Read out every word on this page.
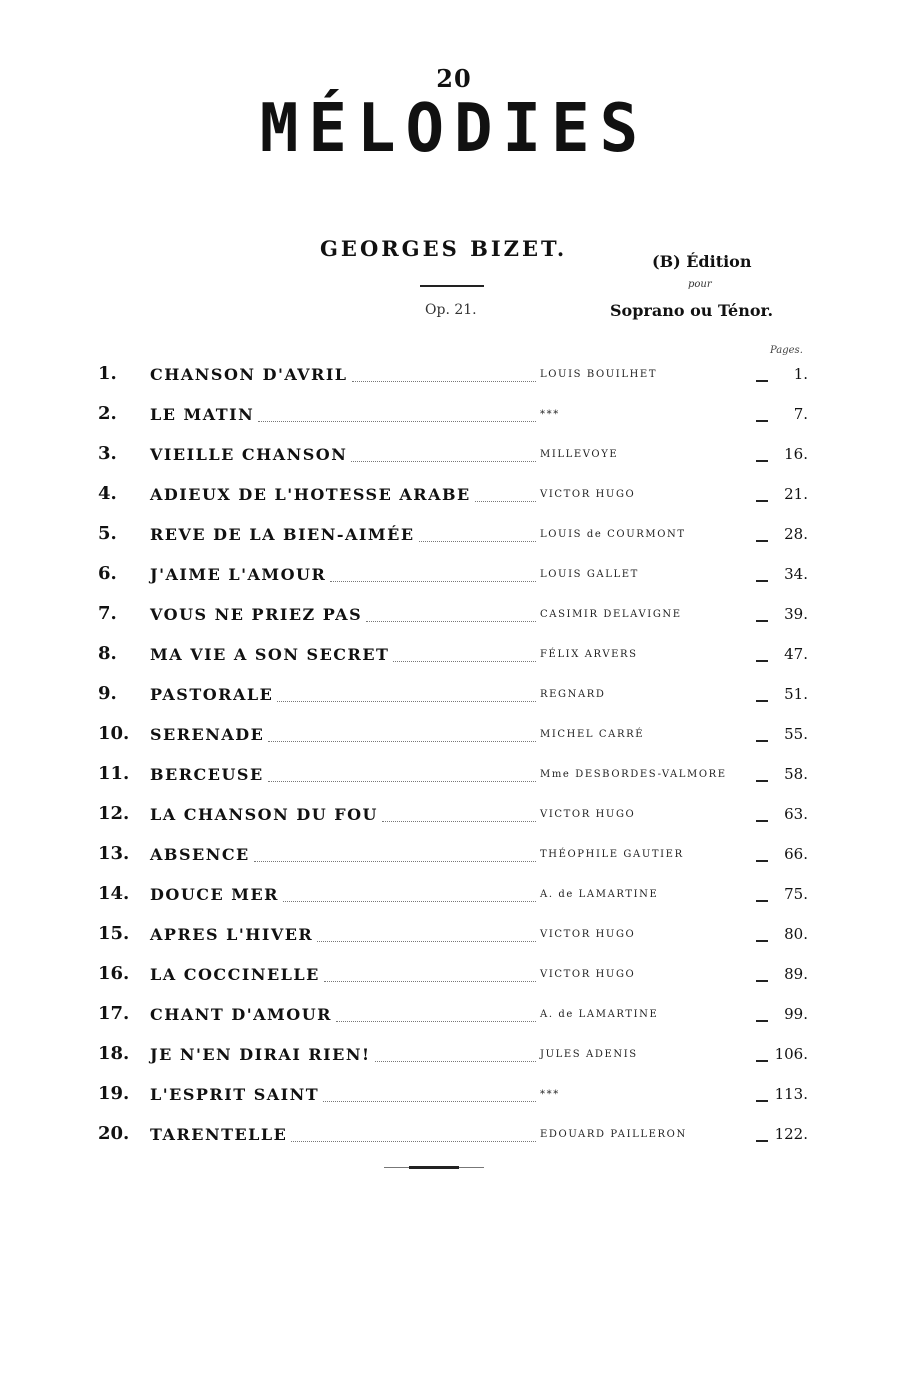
20
MÉLODIES
GEORGES BIZET.
Op. 21.
(B) Édition
pour
Soprano ou Ténor.
Pages.
1. CHANSON D'AVRIL	LOUIS BOUILHET	1.
2. LE MATIN	***	7.
3. VIEILLE CHANSON	MILLEVOYE	16.
4. ADIEUX DE L'HOTESSE ARABE	VICTOR HUGO	21.
5. REVE DE LA BIEN-AIMÉE	LOUIS de COURMONT	28.
6. J'AIME L'AMOUR	LOUIS GALLET	34.
7. VOUS NE PRIEZ PAS	CASIMIR DELAVIGNE	39.
8. MA VIE A SON SECRET	FÉLIX ARVERS	47.
9. PASTORALE	REGNARD	51.
10. SERENADE	MICHEL CARRÉ	55.
11. BERCEUSE	Mme DESBORDES-VALMORE	58.
12. LA CHANSON DU FOU	VICTOR HUGO	63.
13. ABSENCE	THÉOPHILE GAUTIER	66.
14. DOUCE MER	A. de LAMARTINE	75.
15. APRES L'HIVER	VICTOR HUGO	80.
16. LA COCCINELLE	VICTOR HUGO	89.
17. CHANT D'AMOUR	A. de LAMARTINE	99.
18. JE N'EN DIRAI RIEN!	JULES ADENIS	106.
19. L'ESPRIT SAINT	***	113.
20. TARENTELLE	EDOUARD PAILLERON	122.
